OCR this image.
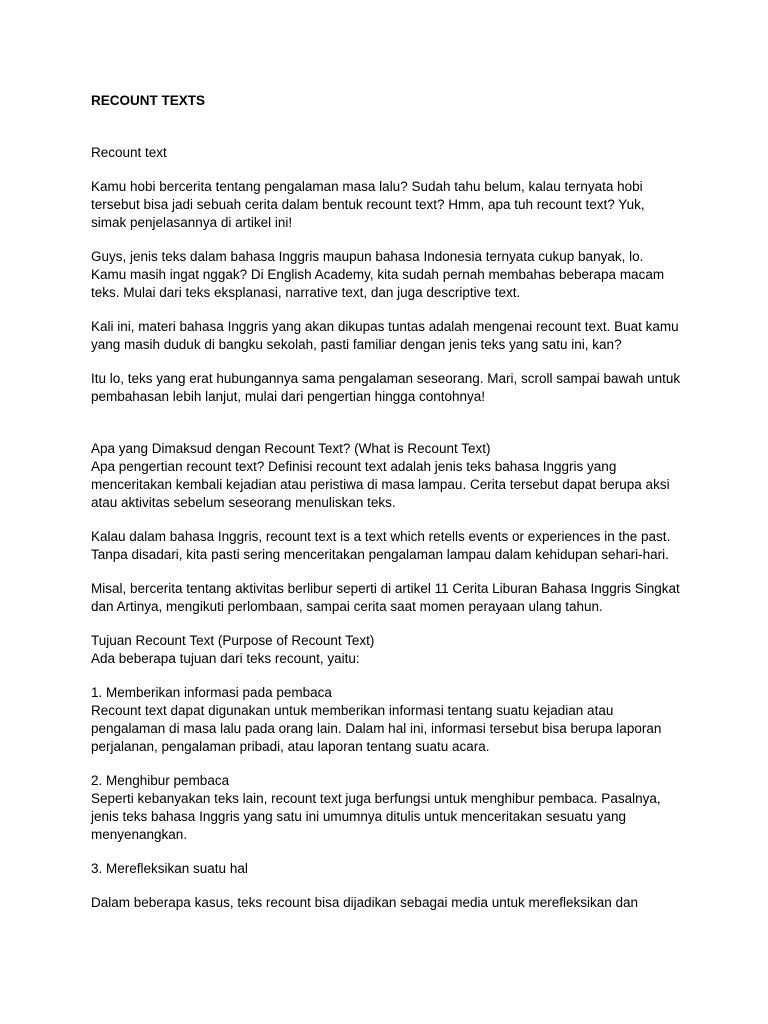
RECOUNT TEXTS

Recount text

Kamu hobi bercerita tentang pengalaman masa lalu? Sudah tahu belum, kalau ternyata hobi tersebut bisa jadi sebuah cerita dalam bentuk recount text? Hmm, apa tuh recount text? Yuk, simak penjelasannya di artikel ini!

Guys, jenis teks dalam bahasa Inggris maupun bahasa Indonesia ternyata cukup banyak, lo. Kamu masih ingat nggak? Di English Academy, kita sudah pernah membahas beberapa macam teks. Mulai dari teks eksplanasi, narrative text, dan juga descriptive text.

Kali ini, materi bahasa Inggris yang akan dikupas tuntas adalah mengenai recount text. Buat kamu yang masih duduk di bangku sekolah, pasti familiar dengan jenis teks yang satu ini, kan?

Itu lo, teks yang erat hubungannya sama pengalaman seseorang. Mari, scroll sampai bawah untuk pembahasan lebih lanjut, mulai dari pengertian hingga contohnya!

Apa yang Dimaksud dengan Recount Text? (What is Recount Text)

Apa pengertian recount text? Definisi recount text adalah jenis teks bahasa Inggris yang menceritakan kembali kejadian atau peristiwa di masa lampau. Cerita tersebut dapat berupa aksi atau aktivitas sebelum seseorang menuliskan teks.

Kalau dalam bahasa Inggris, recount text is a text which retells events or experiences in the past. Tanpa disadari, kita pasti sering menceritakan pengalaman lampau dalam kehidupan sehari-hari.

Misal, bercerita tentang aktivitas berlibur seperti di artikel 11 Cerita Liburan Bahasa Inggris Singkat dan Artinya, mengikuti perlombaan, sampai cerita saat momen perayaan ulang tahun.

Tujuan Recount Text (Purpose of Recount Text)

Ada beberapa tujuan dari teks recount, yaitu:

1. Memberikan informasi pada pembaca

Recount text dapat digunakan untuk memberikan informasi tentang suatu kejadian atau pengalaman di masa lalu pada orang lain. Dalam hal ini, informasi tersebut bisa berupa laporan perjalanan, pengalaman pribadi, atau laporan tentang suatu acara.

2. Menghibur pembaca

Seperti kebanyakan teks lain, recount text juga berfungsi untuk menghibur pembaca. Pasalnya, jenis teks bahasa Inggris yang satu ini umumnya ditulis untuk menceritakan sesuatu yang menyenangkan.

3. Merefleksikan suatu hal

Dalam beberapa kasus, teks recount bisa dijadikan sebagai media untuk merefleksikan dan
